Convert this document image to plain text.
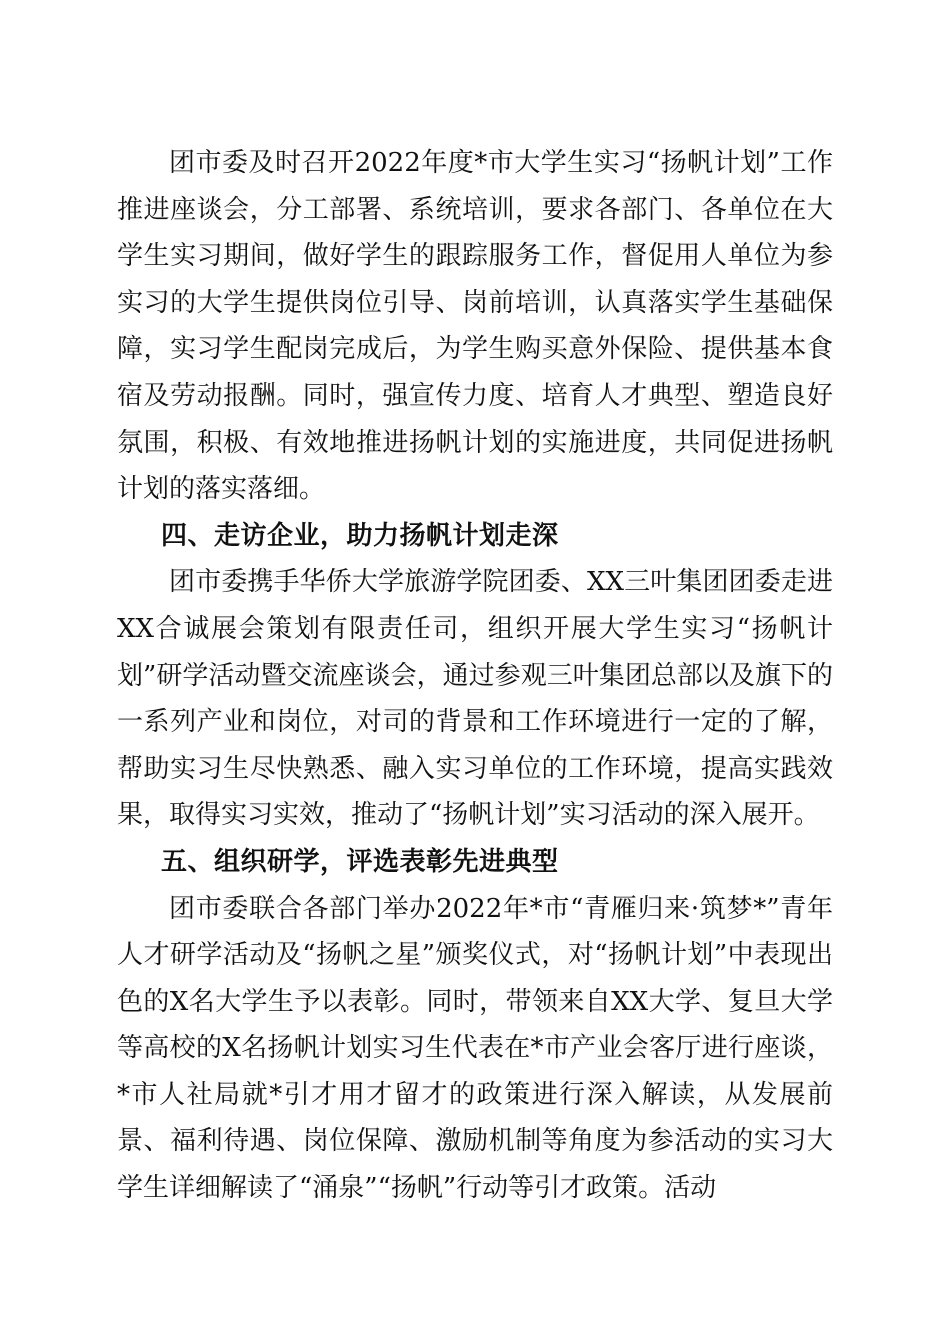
团市委及时召开2022年度*市大学生实习“扬帆计划”工作推进座谈会，分工部署、系统培训，要求各部门、各单位在大学生实习期间，做好学生的跟踪服务工作，督促用人单位为参实习的大学生提供岗位引导、岗前培训，认真落实学生基础保障，实习学生配岗完成后，为学生购买意外保险、提供基本食宿及劳动报酬。同时，强宣传力度、培育人才典型、塑造良好氛围，积极、有效地推进扬帆计划的实施进度，共同促进扬帆计划的落实落细。

四、走访企业，助力扬帆计划走深

团市委携手华侨大学旅游学院团委、XX三叶集团团委走进XX合诚展会策划有限责任司，组织开展大学生实习“扬帆计划”研学活动暨交流座谈会，通过参观三叶集团总部以及旗下的一系列产业和岗位，对司的背景和工作环境进行一定的了解，帮助实习生尽快熟悉、融入实习单位的工作环境，提高实践效果，取得实习实效，推动了“扬帆计划”实习活动的深入展开。

五、组织研学，评选表彰先进典型

团市委联合各部门举办2022年*市“青雁归来·筑梦*”青年人才研学活动及“扬帆之星”颁奖仪式，对“扬帆计划”中表现出色的X名大学生予以表彰。同时，带领来自XX大学、复旦大学等高校的X名扬帆计划实习生代表在*市产业会客厅进行座谈，*市人社局就*引才用才留才的政策进行深入解读，从发展前景、福利待遇、岗位保障、激励机制等角度为参活动的实习大学生详细解读了“涌泉”“扬帆”行动等引才政策。活动
